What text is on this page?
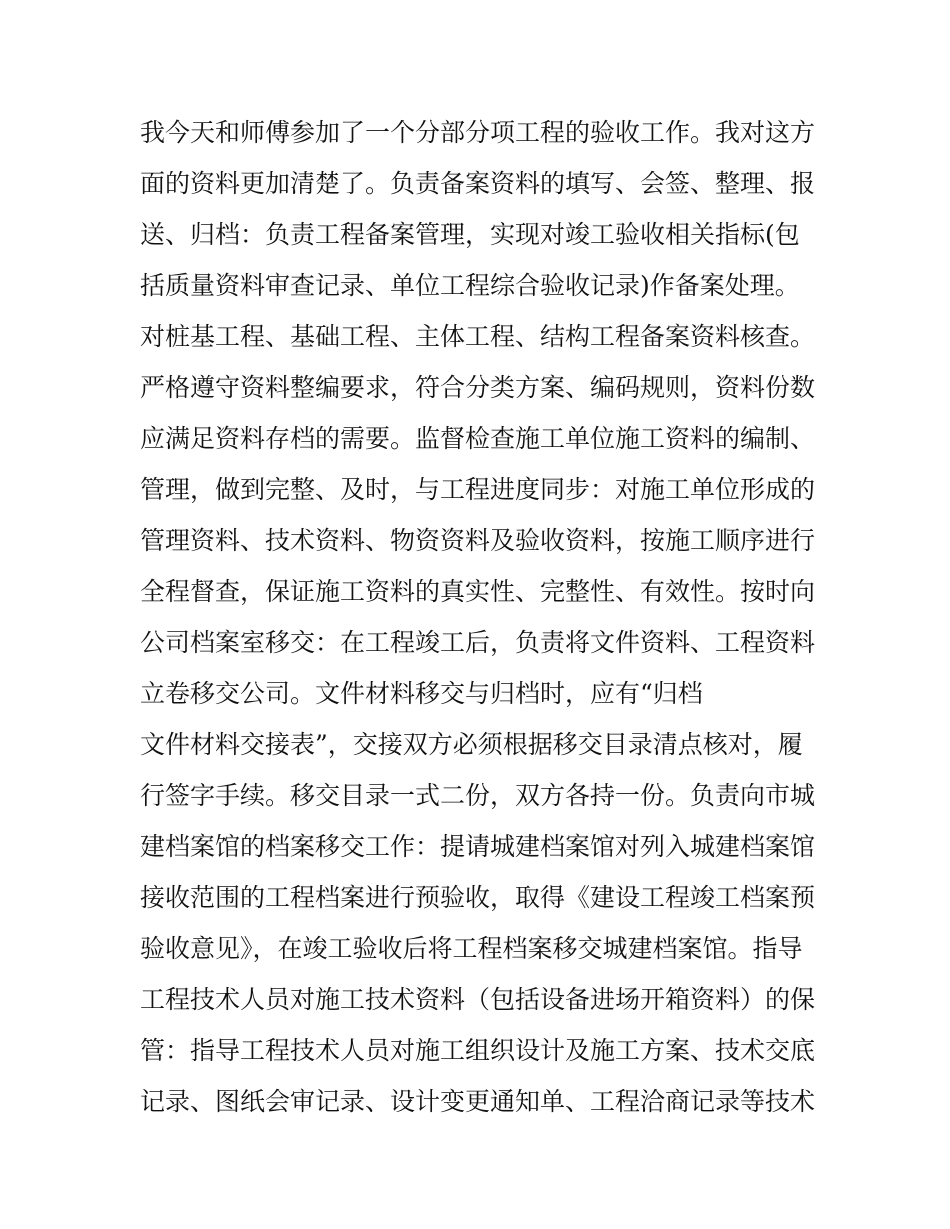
我今天和师傅参加了一个分部分项工程的验收工作。我对这方
面的资料更加清楚了。负责备案资料的填写、会签、整理、报
送、归档：负责工程备案管理，实现对竣工验收相关指标(包
括质量资料审查记录、单位工程综合验收记录)作备案处理。
对桩基工程、基础工程、主体工程、结构工程备案资料核查。
严格遵守资料整编要求，符合分类方案、编码规则，资料份数
应满足资料存档的需要。监督检查施工单位施工资料的编制、
管理，做到完整、及时，与工程进度同步：对施工单位形成的
管理资料、技术资料、物资资料及验收资料，按施工顺序进行
全程督查，保证施工资料的真实性、完整性、有效性。按时向
公司档案室移交：在工程竣工后，负责将文件资料、工程资料
立卷移交公司。文件材料移交与归档时，应有“归档
文件材料交接表”，交接双方必须根据移交目录清点核对，履
行签字手续。移交目录一式二份，双方各持一份。负责向市城
建档案馆的档案移交工作：提请城建档案馆对列入城建档案馆
接收范围的工程档案进行预验收，取得《建设工程竣工档案预
验收意见》，在竣工验收后将工程档案移交城建档案馆。指导
工程技术人员对施工技术资料（包括设备进场开箱资料）的保
管：指导工程技术人员对施工组织设计及施工方案、技术交底
记录、图纸会审记录、设计变更通知单、工程洽商记录等技术
